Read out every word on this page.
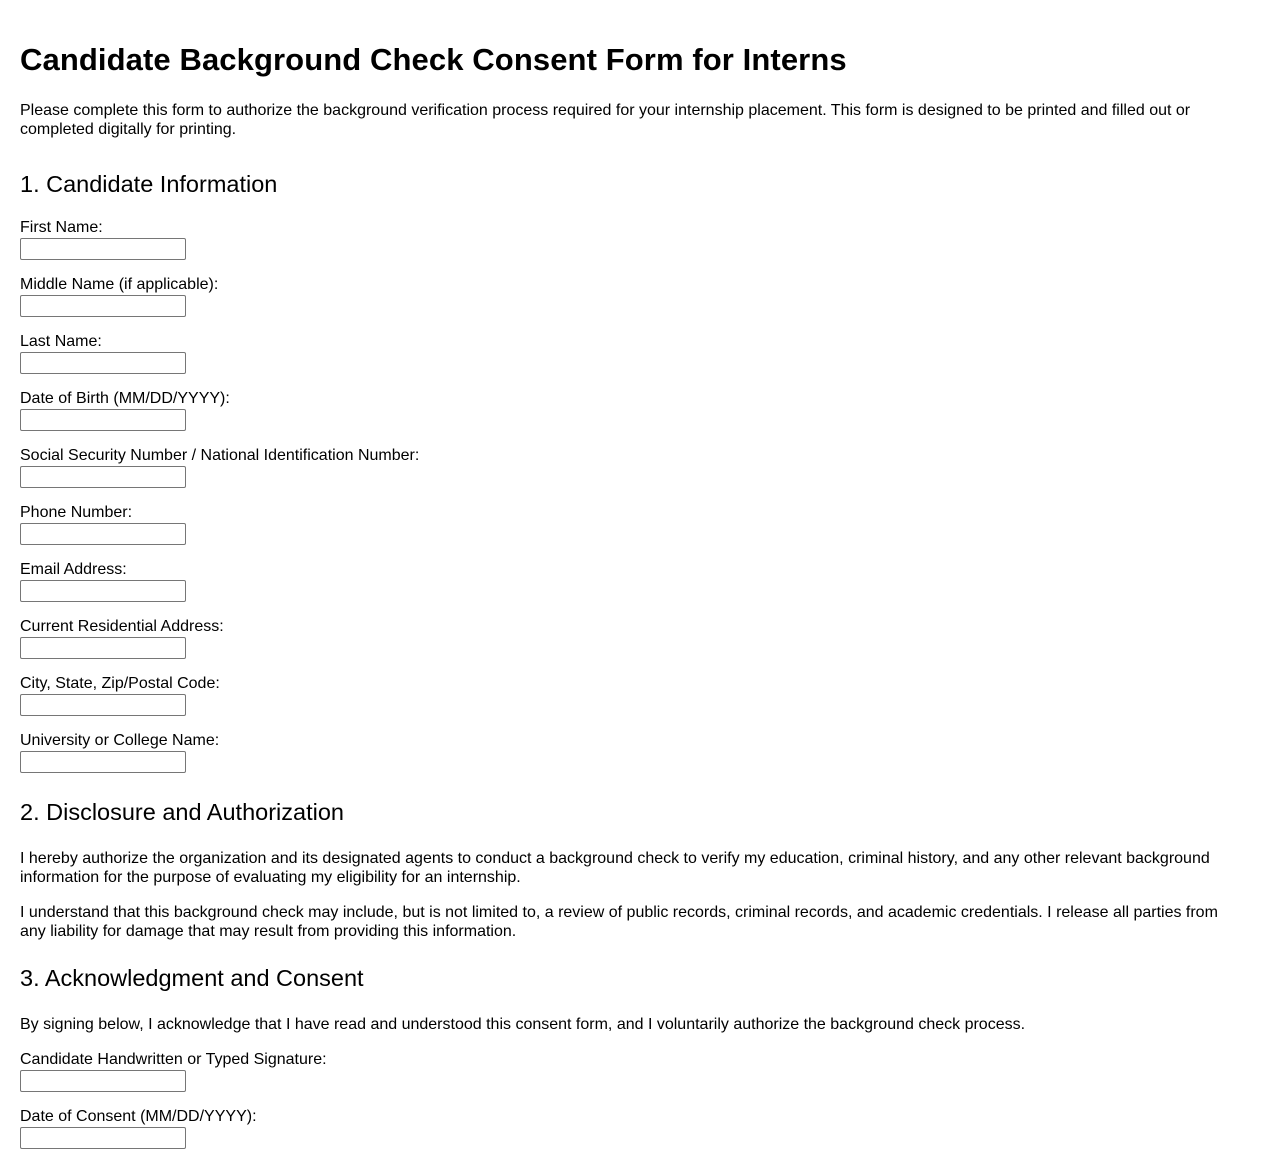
Candidate Background Check Consent Form for Interns

Please complete this form to authorize the background verification process required for your internship placement. This form is designed to be printed and filled out or completed digitally for printing.

1. Candidate Information
First Name:
Middle Name (if applicable):
Last Name:
Date of Birth (MM/DD/YYYY):
Social Security Number / National Identification Number:
Phone Number:
Email Address:
Current Residential Address:
City, State, Zip/Postal Code:
University or College Name:
2. Disclosure and Authorization

I hereby authorize the organization and its designated agents to conduct a background check to verify my education, criminal history, and any other relevant background information for the purpose of evaluating my eligibility for an internship.

I understand that this background check may include, but is not limited to, a review of public records, criminal records, and academic credentials. I release all parties from any liability for damage that may result from providing this information.

3. Acknowledgment and Consent

By signing below, I acknowledge that I have read and understood this consent form, and I voluntarily authorize the background check process.

Candidate Handwritten or Typed Signature:
Date of Consent (MM/DD/YYYY):
